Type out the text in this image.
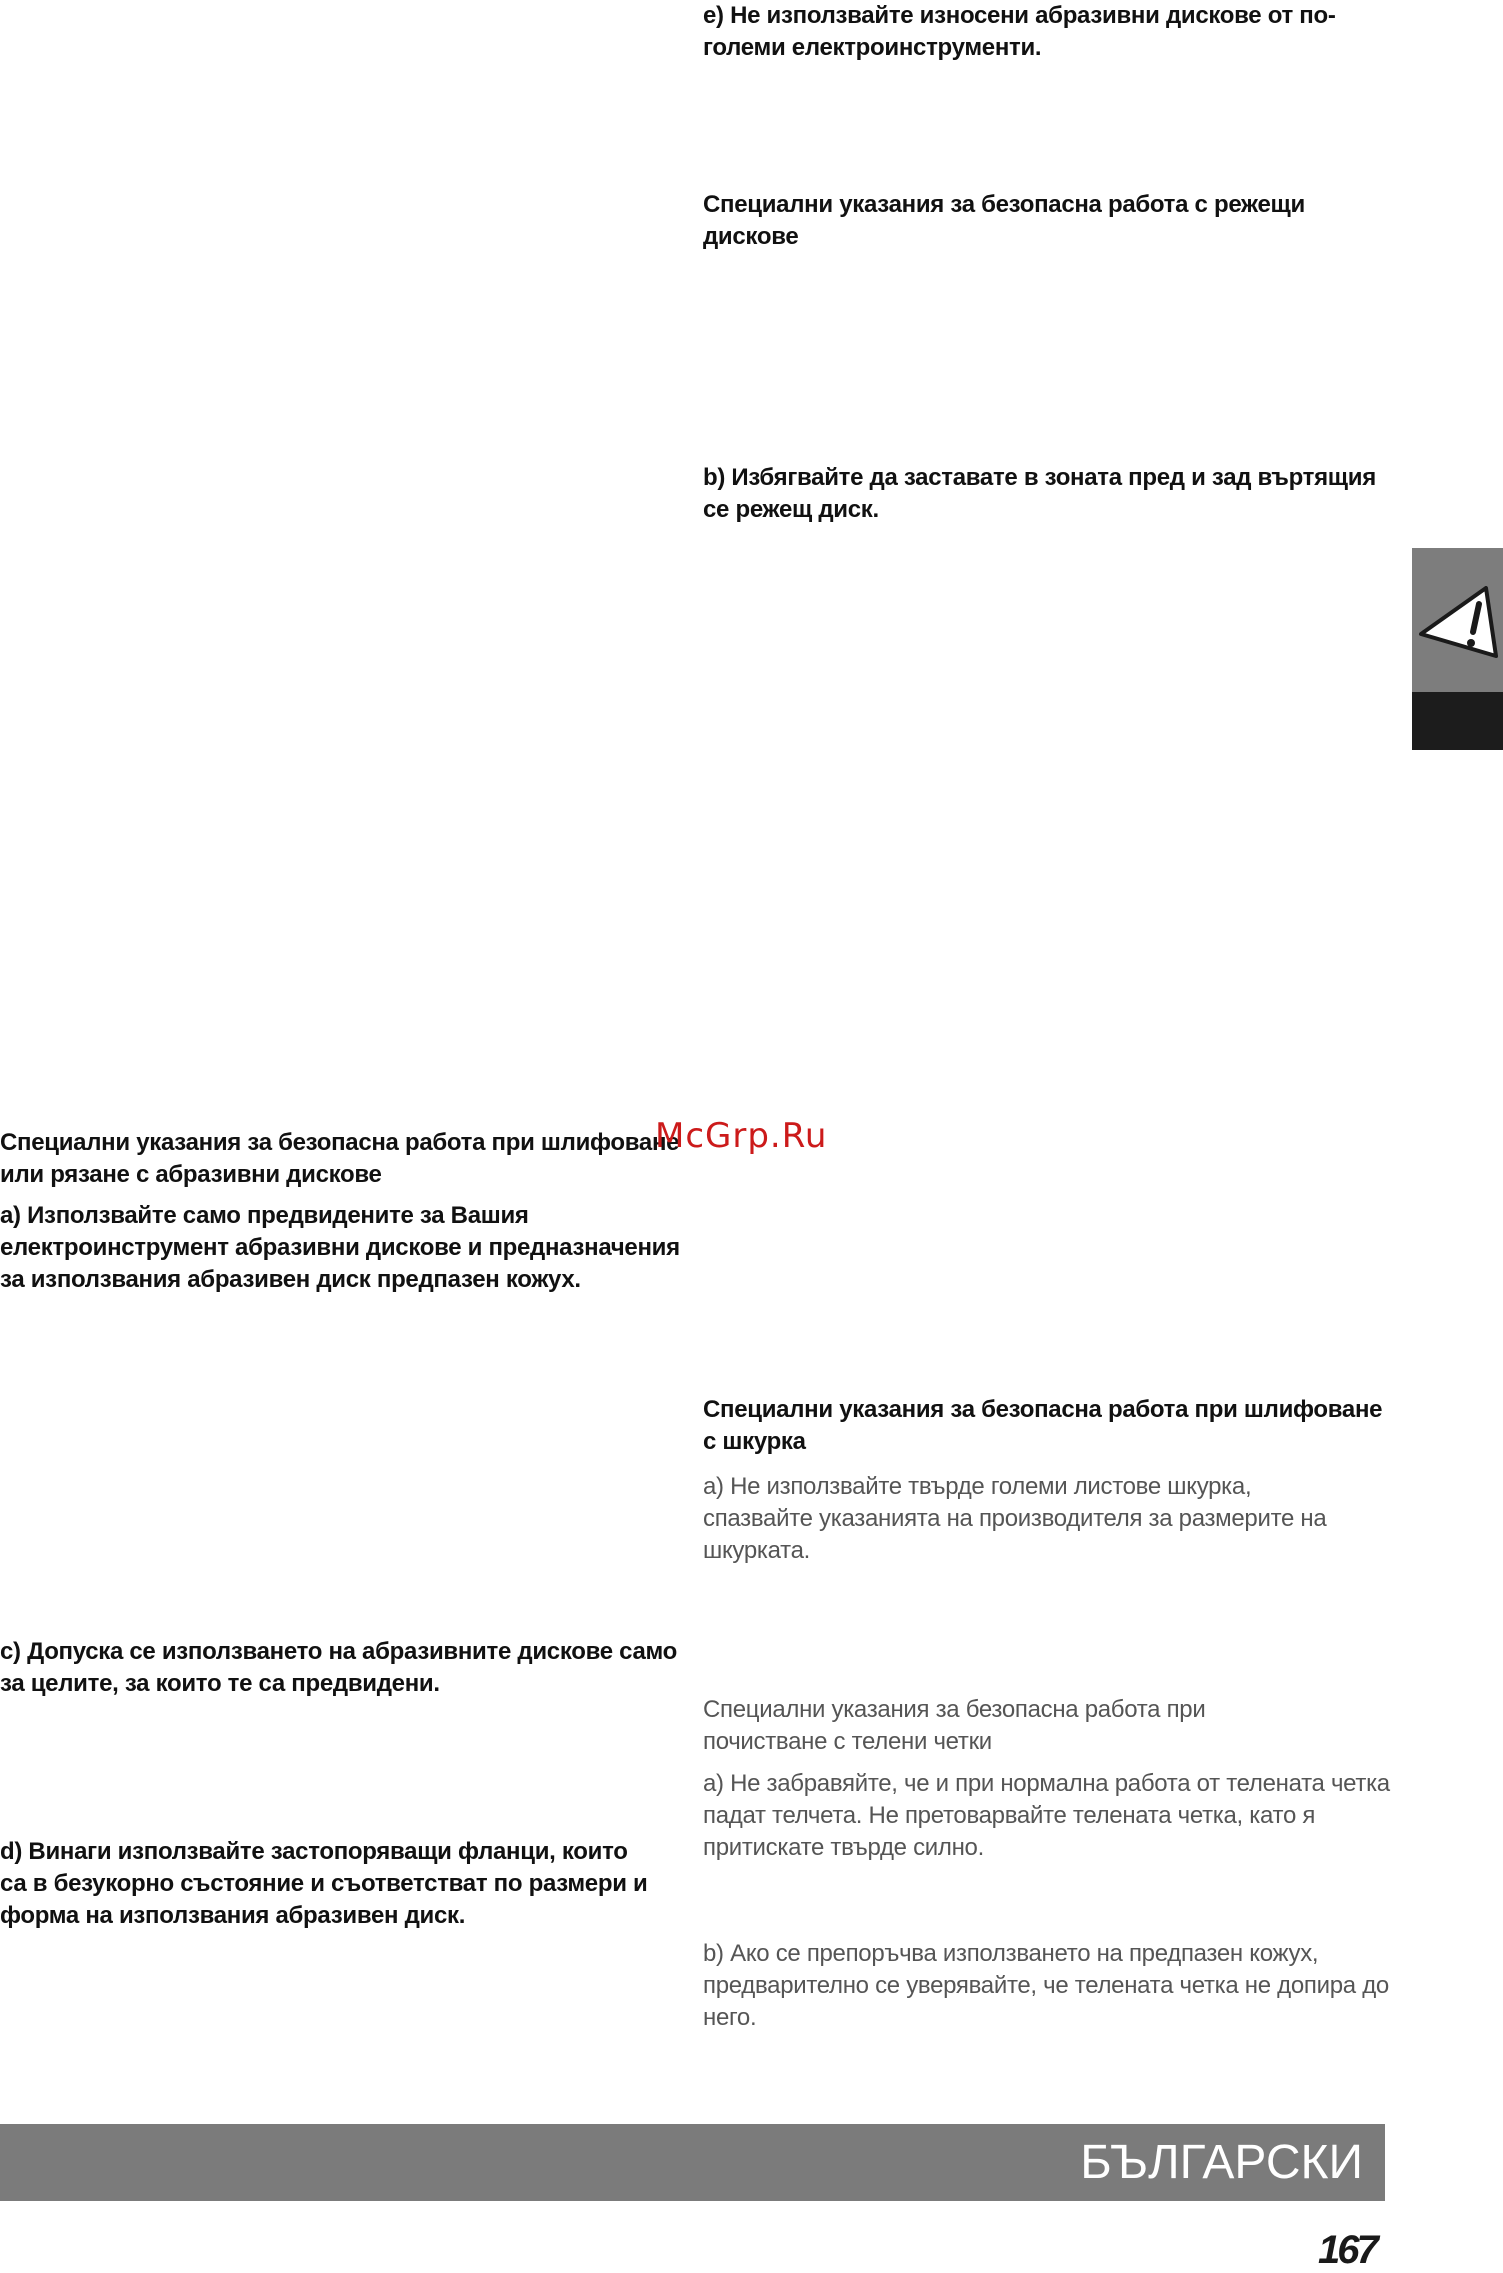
e) Не използвайте износени абразивни дискове от по-големи електроинструменти.

Специални указания за безопасна работа с режещи дискове

b) Избягвайте да заставате в зоната пред и зад въртящия се режещ диск.

Специални указания за безопасна работа при шлифоване с шкурка

a) Не използвайте твърде големи листове шкурка, спазвайте указанията на производителя за размерите на шкурката.

Специални указания за безопасна работа при почистване с телени четки

a) Не забравяйте, че и при нормална работа от телената четка падат телчета. Не претоварвайте телената четка, като я притискате твърде силно.

b) Ако се препоръчва използването на предпазен кожух, предварително се уверявайте, че телената четка не допира до него.

Специални указания за безопасна работа при шлифоване или рязане с абразивни дискове

a) Използвайте само предвидените за Вашия електроинструмент абразивни дискове и предназначения за използвания абразивен диск предпазен кожух.

c) Допуска се използването на абразивните дискове само за целите, за които те са предвидени.

d) Винаги използвайте застопоряващи фланци, които са в безукорно състояние и съответстват по размери и форма на използвания абразивен диск.

McGrp.Ru
БЪЛГАРСКИ
167
